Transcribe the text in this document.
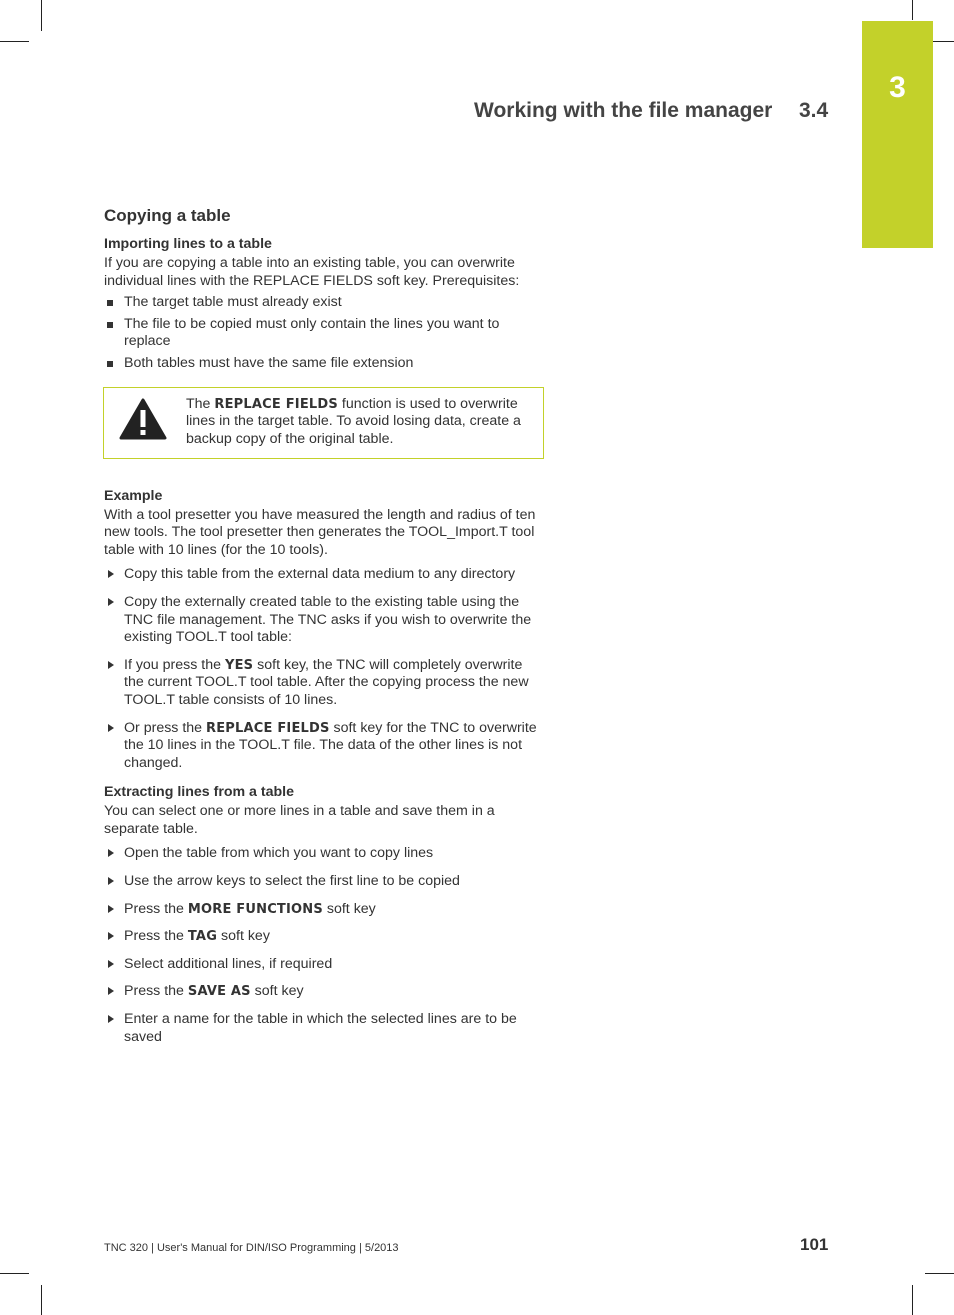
3
Working with the file manager 3.4
Copying a table
Importing lines to a table

If you are copying a table into an existing table, you can overwrite individual lines with the REPLACE FIELDS soft key. Prerequisites:

The target table must already exist
The file to be copied must only contain the lines you want to replace
Both tables must have the same file extension
The REPLACE FIELDS function is used to overwrite lines in the target table. To avoid losing data, create a backup copy of the original table.
Example

With a tool presetter you have measured the length and radius of ten new tools. The tool presetter then generates the TOOL_Import.T tool table with 10 lines (for the 10 tools).

Copy this table from the external data medium to any directory
Copy the externally created table to the existing table using the TNC file management. The TNC asks if you wish to overwrite the existing TOOL.T tool table:
If you press the YES soft key, the TNC will completely overwrite the current TOOL.T tool table. After the copying process the new TOOL.T table consists of 10 lines.
Or press the REPLACE FIELDS soft key for the TNC to overwrite the 10 lines in the TOOL.T file. The data of the other lines is not changed.
Extracting lines from a table

You can select one or more lines in a table and save them in a separate table.

Open the table from which you want to copy lines
Use the arrow keys to select the first line to be copied
Press the MORE FUNCTIONS soft key
Press the TAG soft key
Select additional lines, if required
Press the SAVE AS soft key
Enter a name for the table in which the selected lines are to be saved
TNC 320 | User's Manual for DIN/ISO Programming | 5/2013	101
